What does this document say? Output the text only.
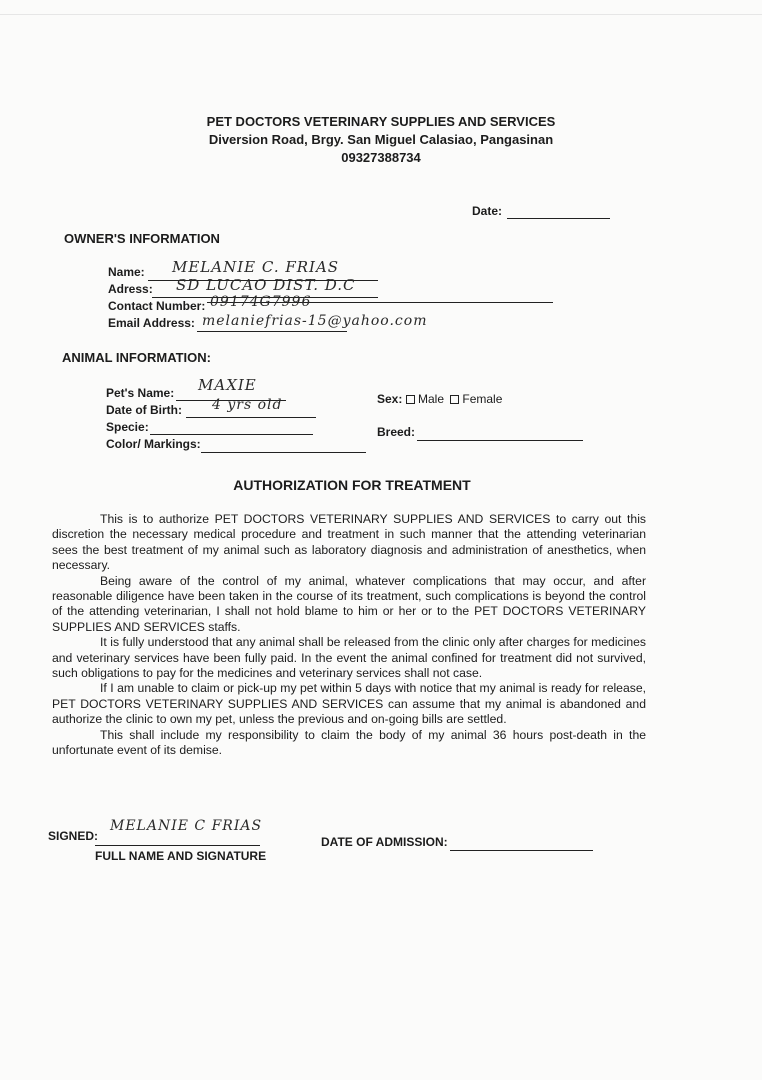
PET DOCTORS VETERINARY SUPPLIES AND SERVICES
Diversion Road, Brgy. San Miguel Calasiao, Pangasinan
09327388734
Date:
OWNER'S INFORMATION
Name: MELANIE C. FRIAS
Adress: SD LUCAO DIST. D.C
Contact Number: 09174G7996
Email Address: melaniefrias-15@yahoo.com
ANIMAL INFORMATION:
Pet's Name: MAXIE
Date of Birth: 4 yrs old
Specie:
Color/ Markings:
Sex:	Male Female
Breed:
AUTHORIZATION FOR TREATMENT

This is to authorize PET DOCTORS VETERINARY SUPPLIES AND SERVICES to carry out this discretion the necessary medical procedure and treatment in such manner that the attending veterinarian sees the best treatment of my animal such as laboratory diagnosis and administration of anesthetics, when necessary.

Being aware of the control of my animal, whatever complications that may occur, and after reasonable diligence have been taken in the course of its treatment, such complications is beyond the control of the attending veterinarian, I shall not hold blame to him or her or to the PET DOCTORS VETERINARY SUPPLIES AND SERVICES staffs.

It is fully understood that any animal shall be released from the clinic only after charges for medicines and veterinary services have been fully paid. In the event the animal confined for treatment did not survived, such obligations to pay for the medicines and veterinary services shall not case.

If I am unable to claim or pick-up my pet within 5 days with notice that my animal is ready for release, PET DOCTORS VETERINARY SUPPLIES AND SERVICES can assume that my animal is abandoned and authorize the clinic to own my pet, unless the previous and on-going bills are settled.

This shall include my responsibility to claim the body of my animal 36 hours post-death in the unfortunate event of its demise.

SIGNED:
MELANIE C FRIAS
FULL NAME AND SIGNATURE
DATE OF ADMISSION:
